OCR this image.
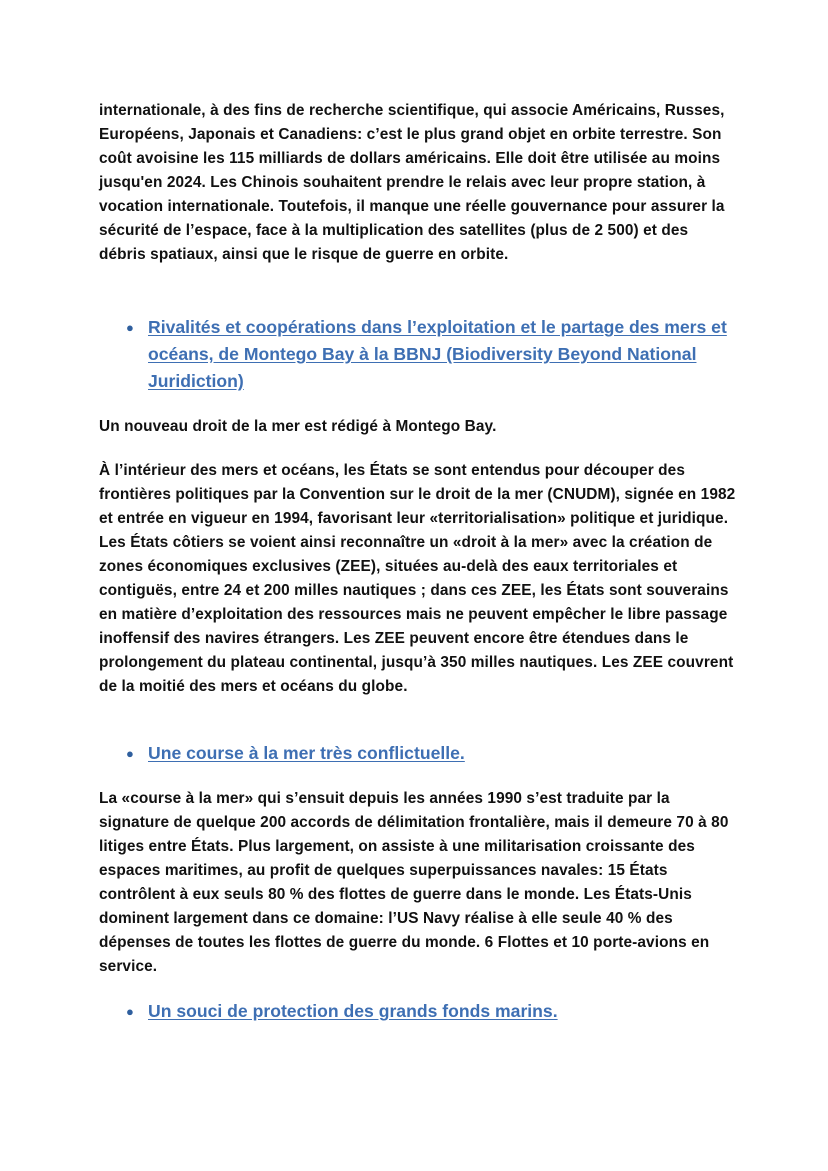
internationale, à des fins de recherche scientifique, qui associe Américains, Russes, Européens, Japonais et Canadiens: c’est le plus grand objet en orbite terrestre. Son coût avoisine les 115 milliards de dollars américains. Elle doit être utilisée au moins jusqu'en 2024. Les Chinois souhaitent prendre le relais avec leur propre station, à vocation internationale. Toutefois, il manque une réelle gouvernance pour assurer la sécurité de l’espace, face à la multiplication des satellites (plus de 2 500) et des débris spatiaux, ainsi que le risque de guerre en orbite.

● Rivalités et coopérations dans l’exploitation et le partage des mers et océans, de Montego Bay à la BBNJ (Biodiversity Beyond National Juridiction)

Un nouveau droit de la mer est rédigé à Montego Bay.

À l’intérieur des mers et océans, les États se sont entendus pour découper des frontières politiques par la Convention sur le droit de la mer (CNUDM), signée en 1982 et entrée en vigueur en 1994, favorisant leur «territorialisation» politique et juridique. Les États côtiers se voient ainsi reconnaître un «droit à la mer» avec la création de zones économiques exclusives (ZEE), situées au-delà des eaux territoriales et contiguës, entre 24 et 200 milles nautiques ; dans ces ZEE, les États sont souverains en matière d’exploitation des ressources mais ne peuvent empêcher le libre passage inoffensif des navires étrangers. Les ZEE peuvent encore être étendues dans le prolongement du plateau continental, jusqu’à 350 milles nautiques. Les ZEE couvrent de la moitié des mers et océans du globe.

● Une course à la mer très conflictuelle.

La «course à la mer» qui s’ensuit depuis les années 1990 s’est traduite par la signature de quelque 200 accords de délimitation frontalière, mais il demeure 70 à 80 litiges entre États. Plus largement, on assiste à une militarisation croissante des espaces maritimes, au profit de quelques superpuissances navales: 15 États contrôlent à eux seuls 80 % des flottes de guerre dans le monde. Les États-Unis dominent largement dans ce domaine: l’US Navy réalise à elle seule 40 % des dépenses de toutes les flottes de guerre du monde. 6 Flottes et 10 porte-avions en service.

● Un souci de protection des grands fonds marins.
